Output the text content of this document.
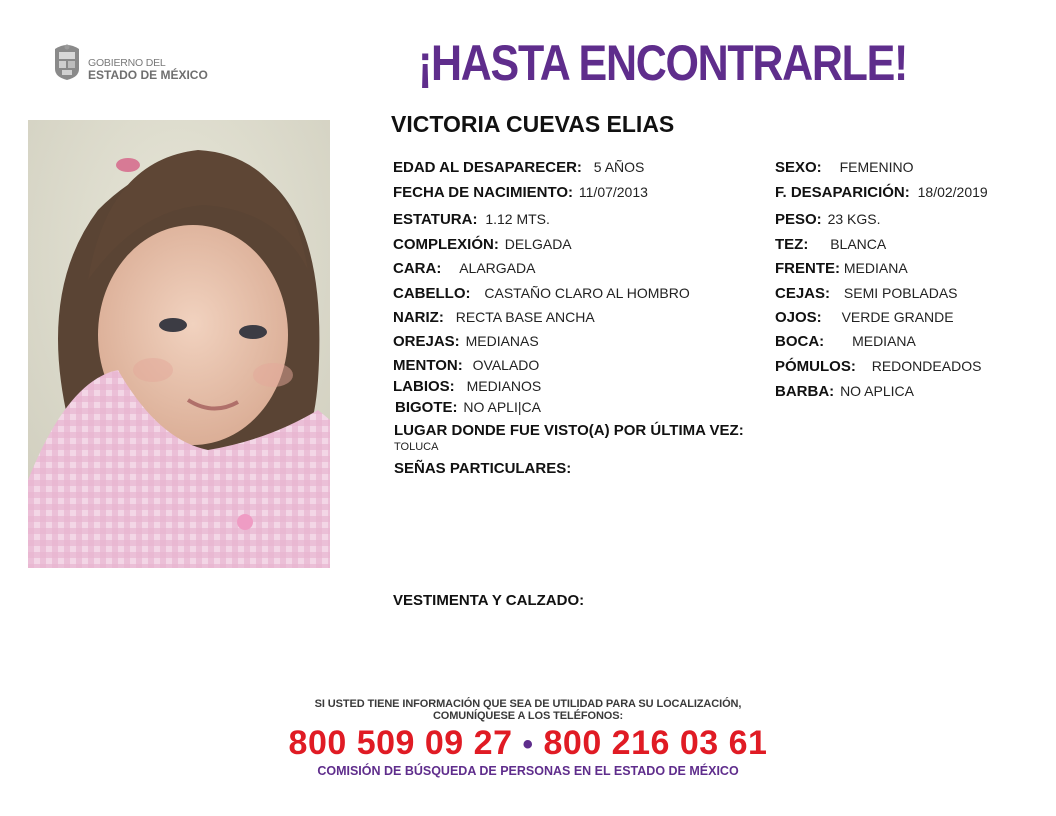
GOBIERNO DEL
ESTADO DE MÉXICO	¡HASTA ENCONTRARLE!
VICTORIA CUEVAS ELIAS
EDAD AL DESAPARECER: 5 AÑOS
FECHA DE NACIMIENTO: 11/07/2013
ESTATURA: 1.12 MTS.
COMPLEXIÓN: DELGADA
CARA: ALARGADA
CABELLO: CASTAÑO CLARO AL HOMBRO
NARIZ: RECTA BASE ANCHA
OREJAS: MEDIANAS
MENTON: OVALADO
LABIOS: MEDIANOS
BIGOTE: NO APLI|CA
SEXO: FEMENINO
F. DESAPARICIÓN: 18/02/2019
PESO: 23 KGS.
TEZ: BLANCA
FRENTE: MEDIANA
CEJAS: SEMI POBLADAS
OJOS: VERDE GRANDE
BOCA: MEDIANA
PÓMULOS: REDONDEADOS
BARBA: NO APLICA
LUGAR DONDE FUE VISTO(A) POR ÚLTIMA VEZ:
TOLUCA
SEÑAS PARTICULARES:
VESTIMENTA Y CALZADO:
SI USTED TIENE INFORMACIÓN QUE SEA DE UTILIDAD PARA SU LOCALIZACIÓN,
COMUNÍQUESE A LOS TELÉFONOS:
800 509 09 27 • 800 216 03 61
COMISIÓN DE BÚSQUEDA DE PERSONAS EN EL ESTADO DE MÉXICO
